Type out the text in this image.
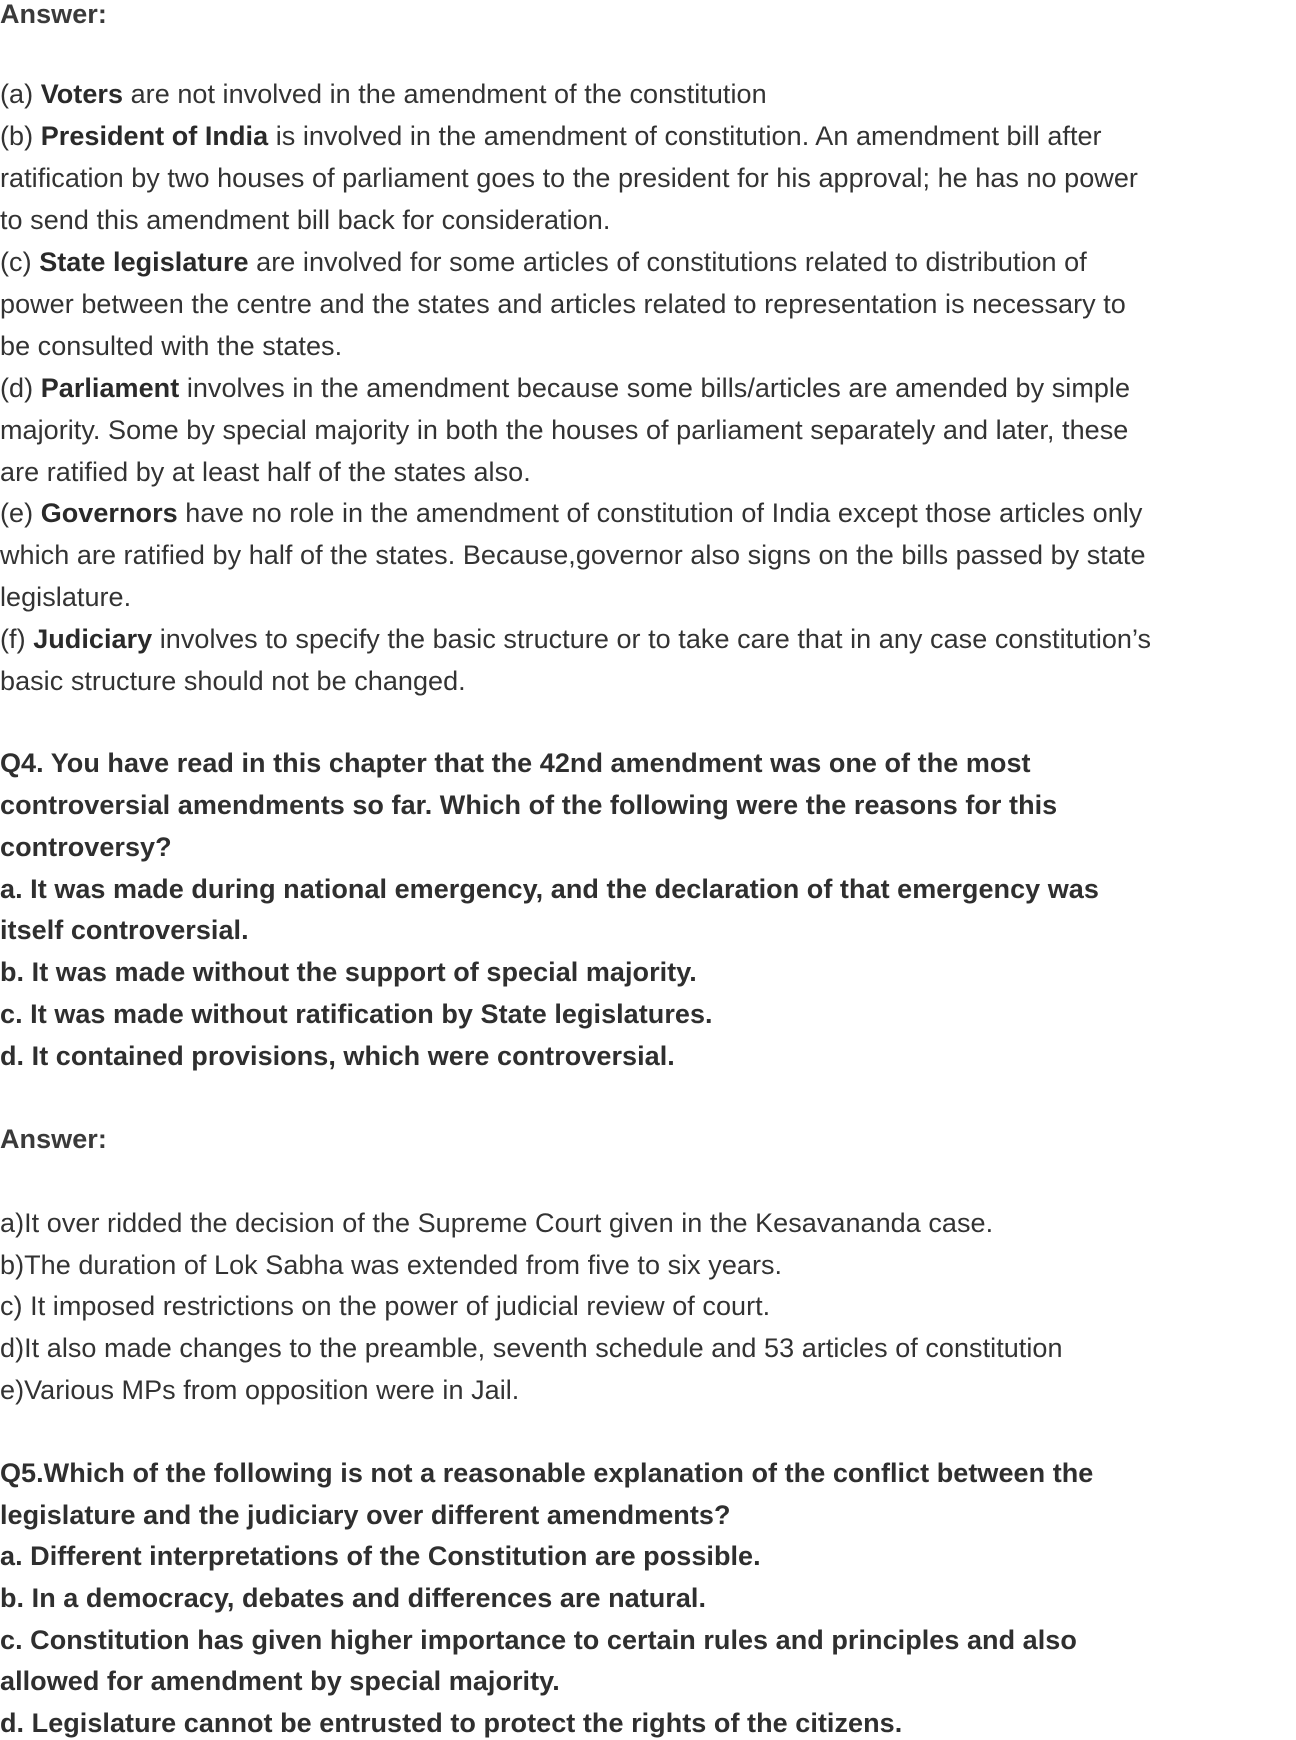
Answer:
(a) Voters are not involved in the amendment of the constitution
(b) President of India is involved in the amendment of constitution. An amendment bill after
ratification by two houses of parliament goes to the president for his approval; he has no power
to send this amendment bill back for consideration.
(c) State legislature are involved for some articles of constitutions related to distribution of
power between the centre and the states and articles related to representation is necessary to
be consulted with the states.
(d) Parliament involves in the amendment because some bills/articles are amended by simple
majority. Some by special majority in both the houses of parliament separately and later, these
are ratified by at least half of the states also.
(e) Governors have no role in the amendment of constitution of India except those articles only
which are ratified by half of the states. Because,governor also signs on the bills passed by state
legislature.
(f) Judiciary involves to specify the basic structure or to take care that in any case constitution’s
basic structure should not be changed.
Q4. You have read in this chapter that the 42nd amendment was one of the most
controversial amendments so far. Which of the following were the reasons for this
controversy?
a. It was made during national emergency, and the declaration of that emergency was
itself controversial.
b. It was made without the support of special majority.
c. It was made without ratification by State legislatures.
d. It contained provisions, which were controversial.
Answer:
a)It over ridded the decision of the Supreme Court given in the Kesavananda case.
b)The duration of Lok Sabha was extended from five to six years.
c) It imposed restrictions on the power of judicial review of court.
d)It also made changes to the preamble, seventh schedule and 53 articles of constitution
e)Various MPs from opposition were in Jail.
Q5.Which of the following is not a reasonable explanation of the conflict between the
legislature and the judiciary over different amendments?
a. Different interpretations of the Constitution are possible.
b. In a democracy, debates and differences are natural.
c. Constitution has given higher importance to certain rules and principles and also
allowed for amendment by special majority.
d. Legislature cannot be entrusted to protect the rights of the citizens.
